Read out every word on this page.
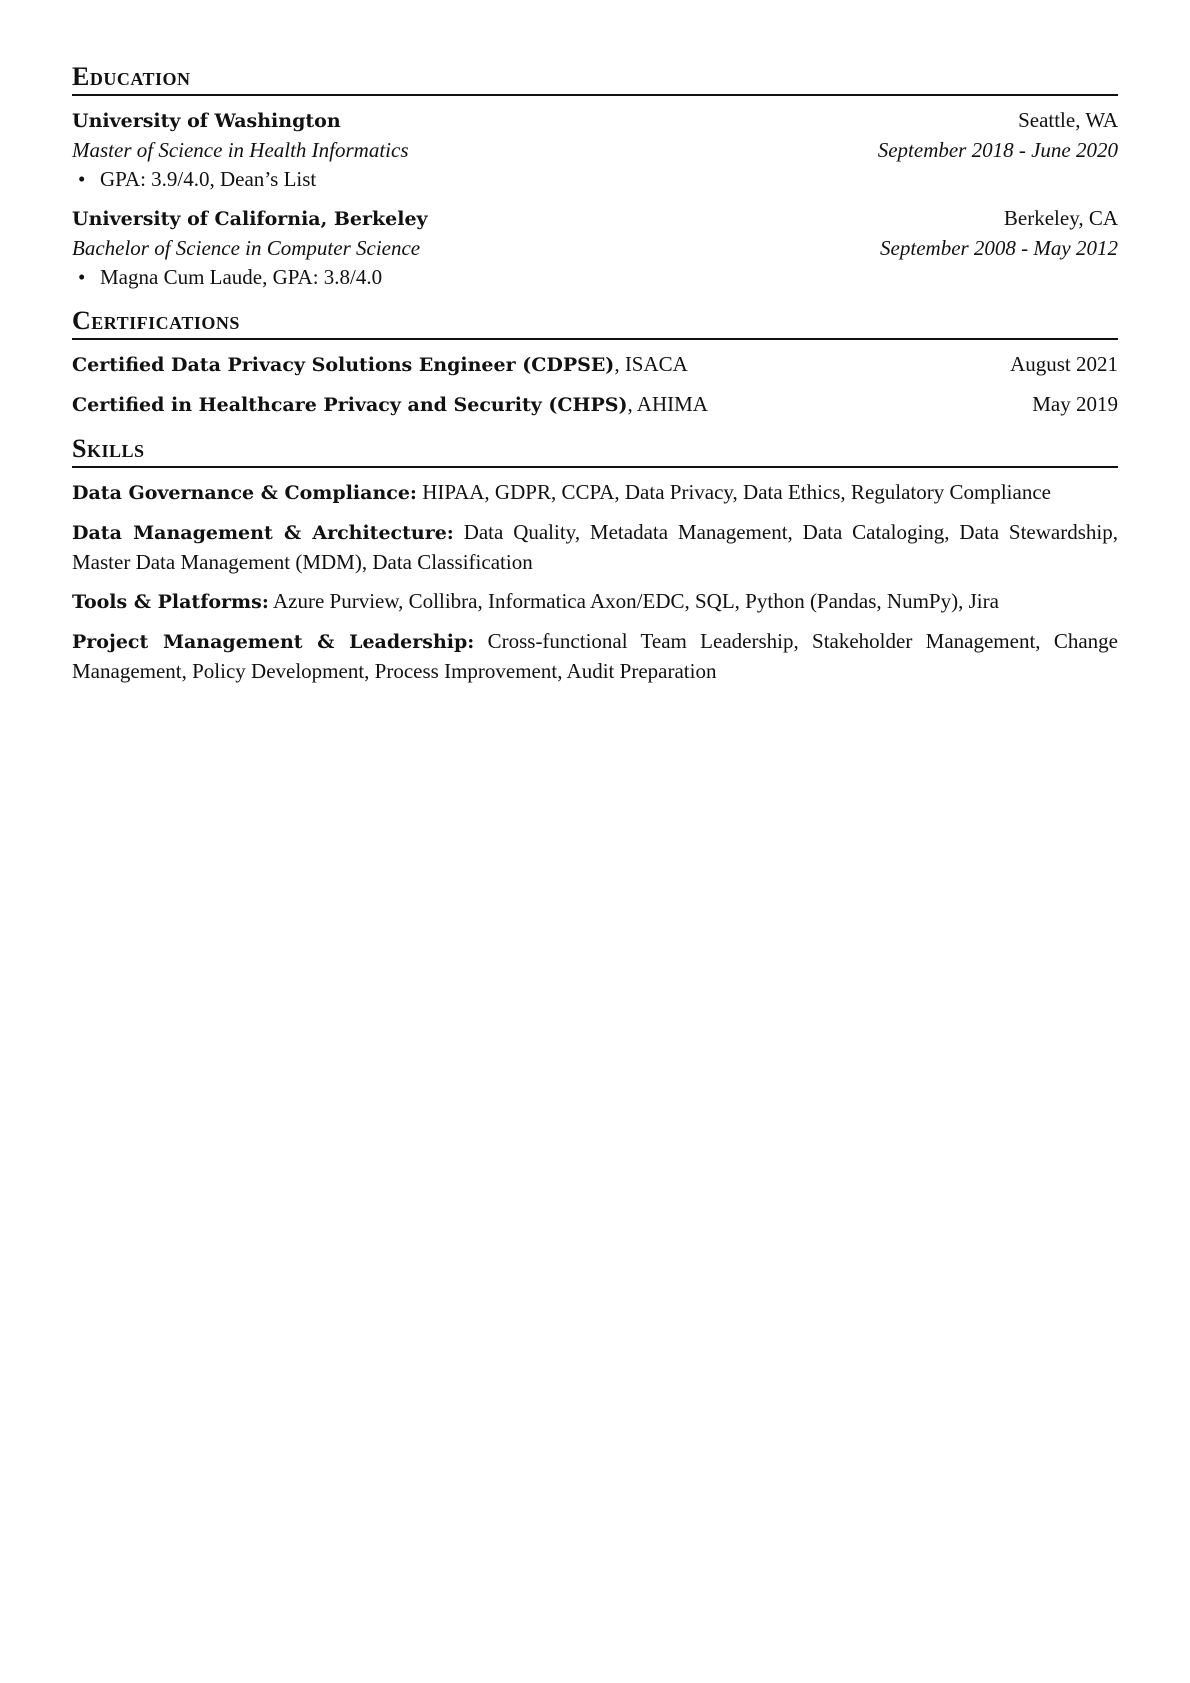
Education
University of Washington	Seattle, WA
Master of Science in Health Informatics	September 2018 - June 2020
• GPA: 3.9/4.0, Dean’s List
University of California, Berkeley	Berkeley, CA
Bachelor of Science in Computer Science	September 2008 - May 2012
• Magna Cum Laude, GPA: 3.8/4.0
Certifications
Certified Data Privacy Solutions Engineer (CDPSE), ISACA	August 2021
Certified in Healthcare Privacy and Security (CHPS), AHIMA	May 2019
Skills
Data Governance & Compliance: HIPAA, GDPR, CCPA, Data Privacy, Data Ethics, Regulatory Compliance
Data Management & Architecture: Data Quality, Metadata Management, Data Cataloging, Data Stewardship, Master Data Management (MDM), Data Classification
Tools & Platforms: Azure Purview, Collibra, Informatica Axon/EDC, SQL, Python (Pandas, NumPy), Jira
Project Management & Leadership: Cross-functional Team Leadership, Stakeholder Management, Change Management, Policy Development, Process Improvement, Audit Preparation
